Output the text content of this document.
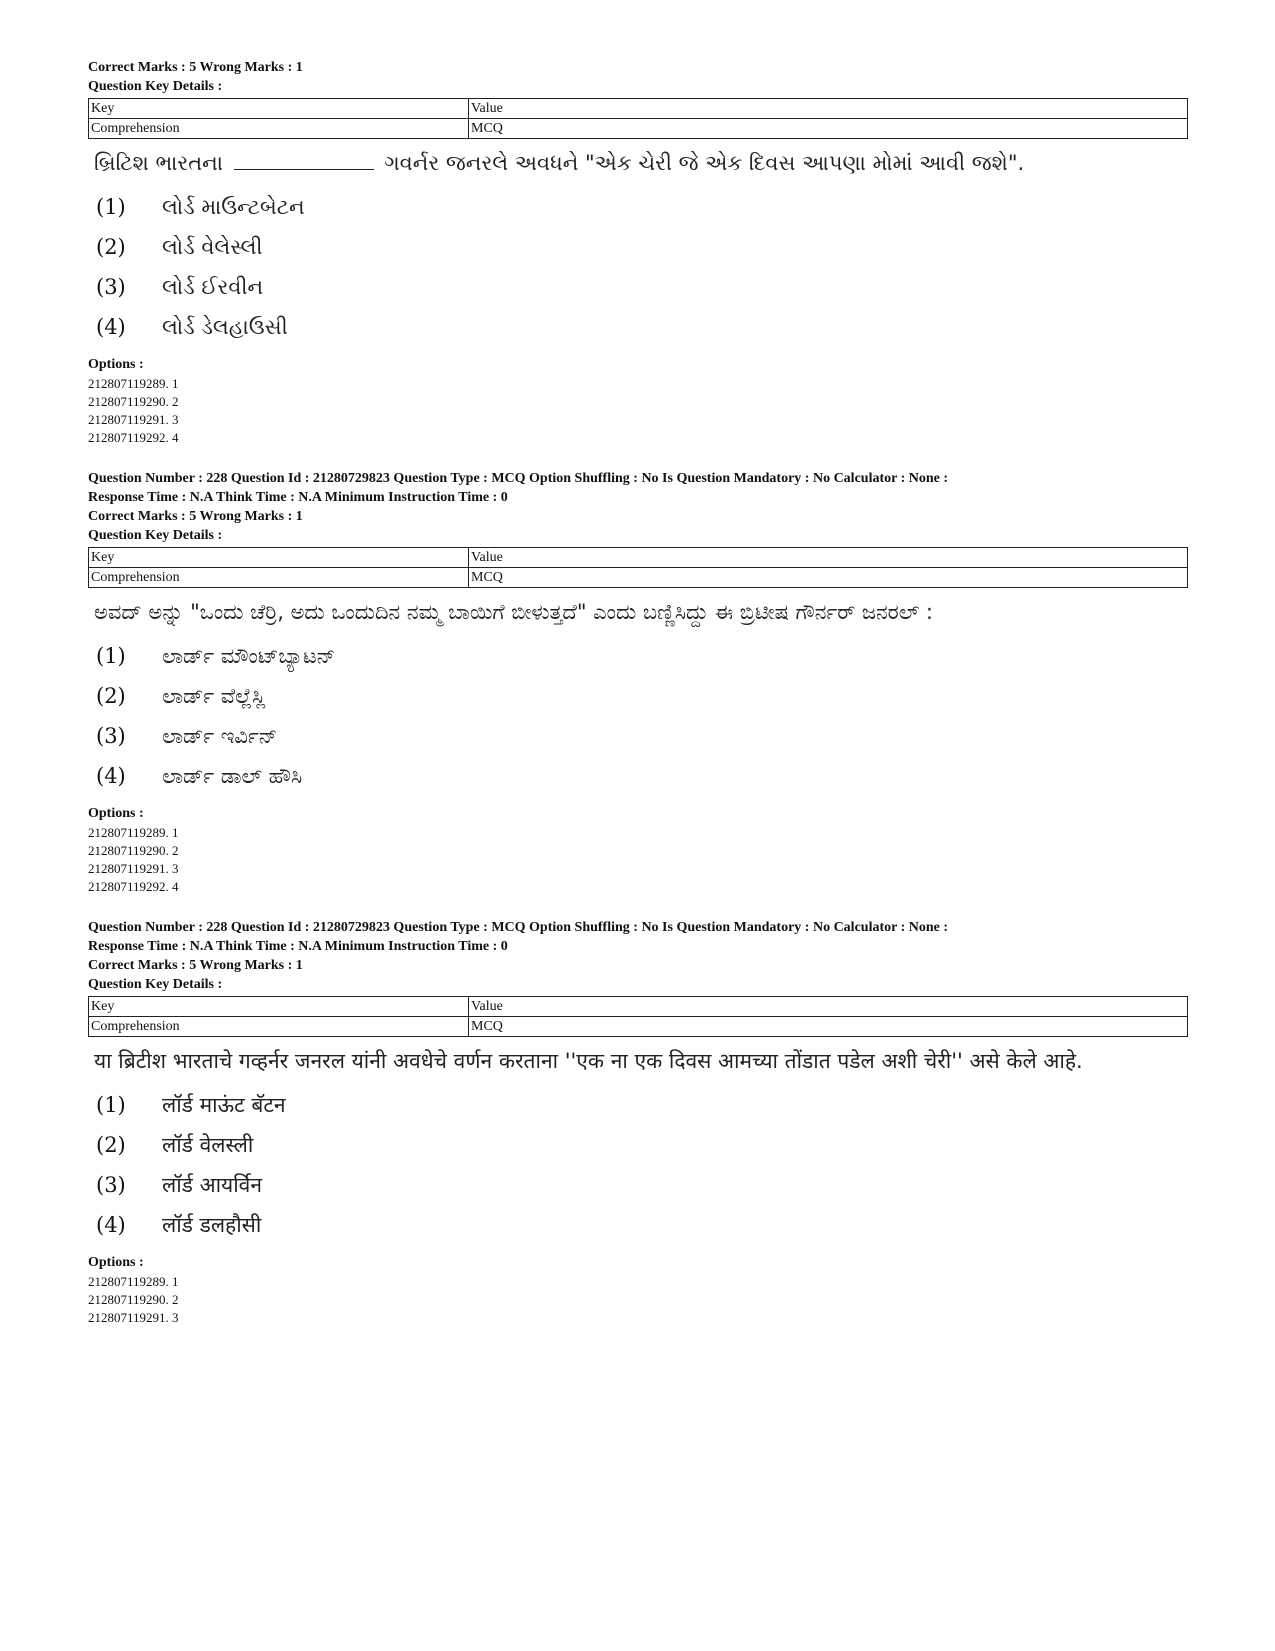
Correct Marks : 5 Wrong Marks : 1

Question Key Details :

Key	Value
Comprehension	MCQ
બ્રિટિશ ભારતના	ગવર્નર જનરલે અવધને "એક ચેરી જે એક દિવસ આપણા મોમાં આવી જશે".
(1)	લોર્ડ માઉન્ટબેટન
(2)	લોર્ડ વેલેસ્લી
(3)	લોર્ડ ઈરવીન
(4)	લોર્ડ ડેલહાઉસી

Options :

212807119289. 1
212807119290. 2
212807119291. 3
212807119292. 4

Question Number : 228 Question Id : 21280729823 Question Type : MCQ Option Shuffling : No Is Question Mandatory : No Calculator : None :

Response Time : N.A Think Time : N.A Minimum Instruction Time : 0

Correct Marks : 5 Wrong Marks : 1

Question Key Details :

Key	Value
Comprehension	MCQ
ಅವದ್ ಅನ್ನು "ಒಂದು ಚೆರ್ರಿ, ಅದು ಒಂದುದಿನ ನಮ್ಮ ಬಾಯಿಗೆ ಬೀಳುತ್ತದೆ" ಎಂದು ಬಣ್ಣಿಸಿದ್ದು ಈ ಬ್ರಿಟೀಷ ಗೌರ್ನರ್ ಜನರಲ್ :
(1)	ಲಾರ್ಡ್ ಮೌಂಟ್‌ಬ್ಯಾಟನ್
(2)	ಲಾರ್ಡ್ ವೆಲ್ಲೆಸ್ಲಿ
(3)	ಲಾರ್ಡ್ ಇರ್ವಿನ್
(4)	ಲಾರ್ಡ್ ಡಾಲ್ ಹೌಸಿ

Options :

212807119289. 1
212807119290. 2
212807119291. 3
212807119292. 4

Question Number : 228 Question Id : 21280729823 Question Type : MCQ Option Shuffling : No Is Question Mandatory : No Calculator : None :

Response Time : N.A Think Time : N.A Minimum Instruction Time : 0

Correct Marks : 5 Wrong Marks : 1

Question Key Details :

Key	Value
Comprehension	MCQ
या ब्रिटीश भारताचे गव्हर्नर जनरल यांनी अवधेचे वर्णन करताना ''एक ना एक दिवस आमच्या तोंडात पडेल अशी चेरी'' असे केले आहे.
(1)	लॉर्ड माऊंट बॅटन
(2)	लॉर्ड वेलस्ली
(3)	लॉर्ड आयर्विन
(4)	लॉर्ड डलहौसी

Options :

212807119289. 1
212807119290. 2
212807119291. 3
